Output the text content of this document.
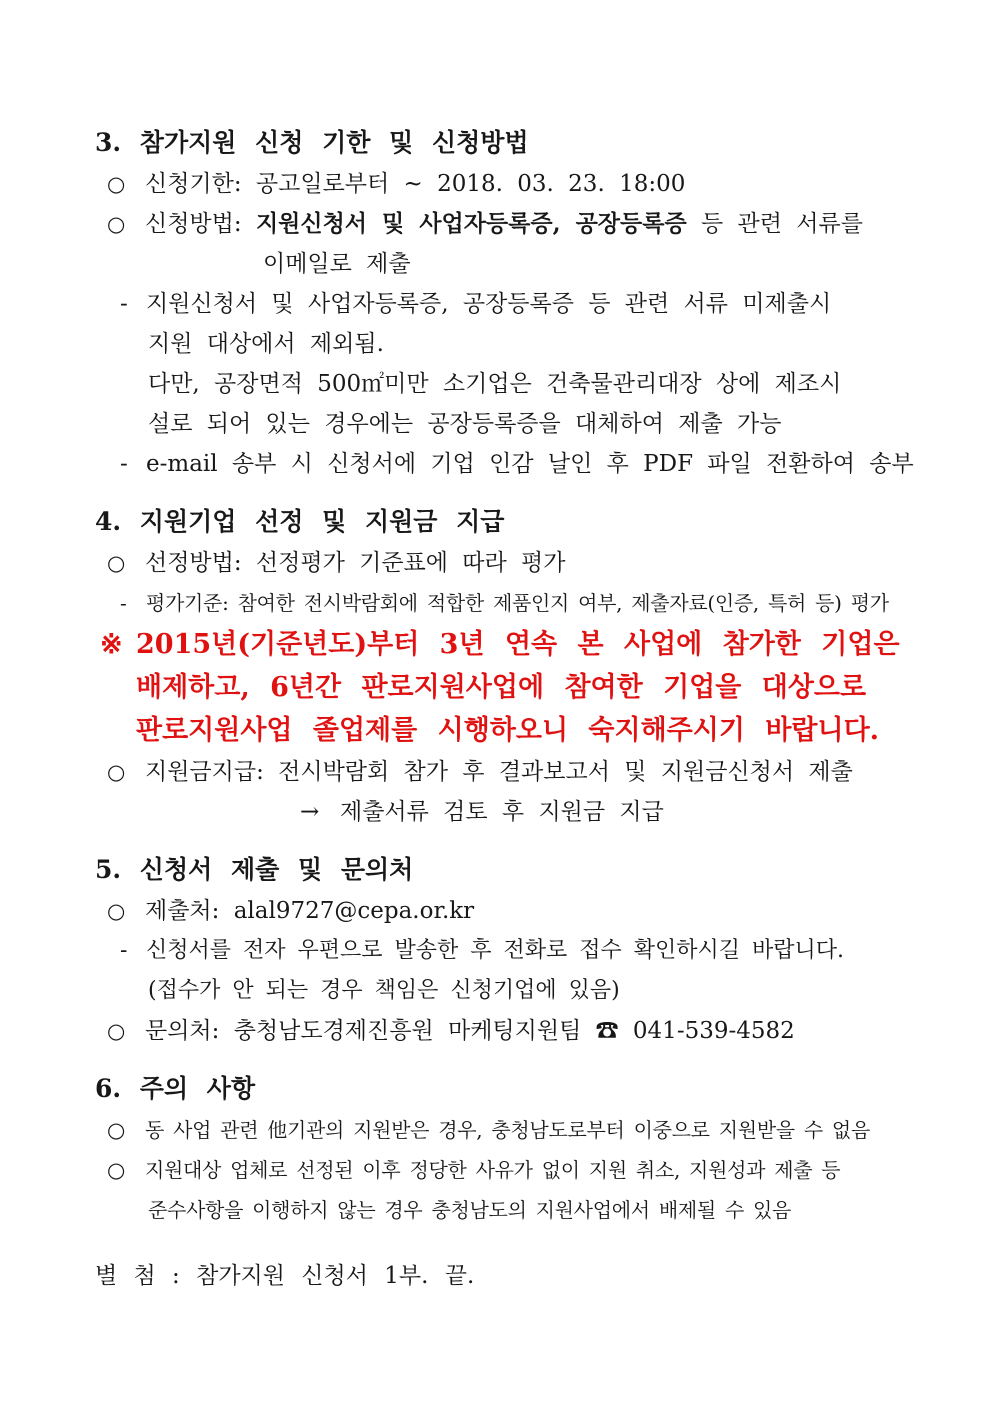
3. 참가지원 신청 기한 및 신청방법
○ 신청기한: 공고일로부터 ~ 2018. 03. 23. 18:00
○ 신청방법: 지원신청서 및 사업자등록증, 공장등록증 등 관련 서류를
이메일로 제출
- 지원신청서 및 사업자등록증, 공장등록증 등 관련 서류 미제출시
지원 대상에서 제외됨.
다만, 공장면적 500㎡미만 소기업은 건축물관리대장 상에 제조시
설로 되어 있는 경우에는 공장등록증을 대체하여 제출 가능
- e-mail 송부 시 신청서에 기업 인감 날인 후 PDF 파일 전환하여 송부
4. 지원기업 선정 및 지원금 지급
○ 선정방법: 선정평가 기준표에 따라 평가
- 평가기준: 참여한 전시박람회에 적합한 제품인지 여부, 제출자료(인증, 특허 등) 평가
※ 2015년(기준년도)부터 3년 연속 본 사업에 참가한 기업은
배제하고, 6년간 판로지원사업에 참여한 기업을 대상으로
판로지원사업 졸업제를 시행하오니 숙지해주시기 바랍니다.
○ 지원금지급: 전시박람회 참가 후 결과보고서 및 지원금신청서 제출
→ 제출서류 검토 후 지원금 지급
5. 신청서 제출 및 문의처
○ 제출처: alal9727@cepa.or.kr
- 신청서를 전자 우편으로 발송한 후 전화로 접수 확인하시길 바랍니다.
(접수가 안 되는 경우 책임은 신청기업에 있음)
○ 문의처: 충청남도경제진흥원 마케팅지원팀 ☎ 041-539-4582
6. 주의 사항
○ 동 사업 관련 他기관의 지원받은 경우, 충청남도로부터 이중으로 지원받을 수 없음
○ 지원대상 업체로 선정된 이후 정당한 사유가 없이 지원 취소, 지원성과 제출 등
준수사항을 이행하지 않는 경우 충청남도의 지원사업에서 배제될 수 있음
별 첨 : 참가지원 신청서 1부. 끝.
